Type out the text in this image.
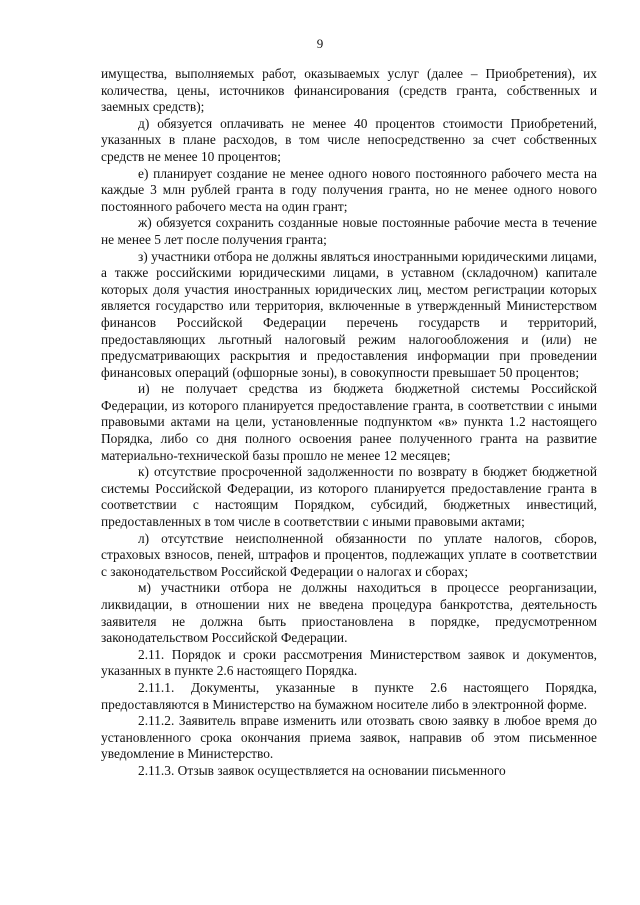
9

имущества, выполняемых работ, оказываемых услуг (далее – Приобретения), их количества, цены, источников финансирования (средств гранта, собственных и заемных средств);

д) обязуется оплачивать не менее 40 процентов стоимости Приобретений, указанных в плане расходов, в том числе непосредственно за счет собственных средств не менее 10 процентов;

е) планирует создание не менее одного нового постоянного рабочего места на каждые 3 млн рублей гранта в году получения гранта, но не менее одного нового постоянного рабочего места на один грант;

ж) обязуется сохранить созданные новые постоянные рабочие места в течение не менее 5 лет после получения гранта;

з) участники отбора не должны являться иностранными юридическими лицами, а также российскими юридическими лицами, в уставном (складочном) капитале которых доля участия иностранных юридических лиц, местом регистрации которых является государство или территория, включенные в утвержденный Министерством финансов Российской Федерации перечень государств и территорий, предоставляющих льготный налоговый режим налогообложения и (или) не предусматривающих раскрытия и предоставления информации при проведении финансовых операций (офшорные зоны), в совокупности превышает 50 процентов;

и) не получает средства из бюджета бюджетной системы Российской Федерации, из которого планируется предоставление гранта, в соответствии с иными правовыми актами на цели, установленные подпунктом «в» пункта 1.2 настоящего Порядка, либо со дня полного освоения ранее полученного гранта на развитие материально-технической базы прошло не менее 12 месяцев;

к) отсутствие просроченной задолженности по возврату в бюджет бюджетной системы Российской Федерации, из которого планируется предоставление гранта в соответствии с настоящим Порядком, субсидий, бюджетных инвестиций, предоставленных в том числе в соответствии с иными правовыми актами;

л) отсутствие неисполненной обязанности по уплате налогов, сборов, страховых взносов, пеней, штрафов и процентов, подлежащих уплате в соответствии с законодательством Российской Федерации о налогах и сборах;

м) участники отбора не должны находиться в процессе реорганизации, ликвидации, в отношении них не введена процедура банкротства, деятельность заявителя не должна быть приостановлена в порядке, предусмотренном законодательством Российской Федерации.

2.11. Порядок и сроки рассмотрения Министерством заявок и документов, указанных в пункте 2.6 настоящего Порядка.

2.11.1. Документы, указанные в пункте 2.6 настоящего Порядка, предоставляются в Министерство на бумажном носителе либо в электронной форме.

2.11.2. Заявитель вправе изменить или отозвать свою заявку в любое время до установленного срока окончания приема заявок, направив об этом письменное уведомление в Министерство.

2.11.3. Отзыв заявок осуществляется на основании письменного
